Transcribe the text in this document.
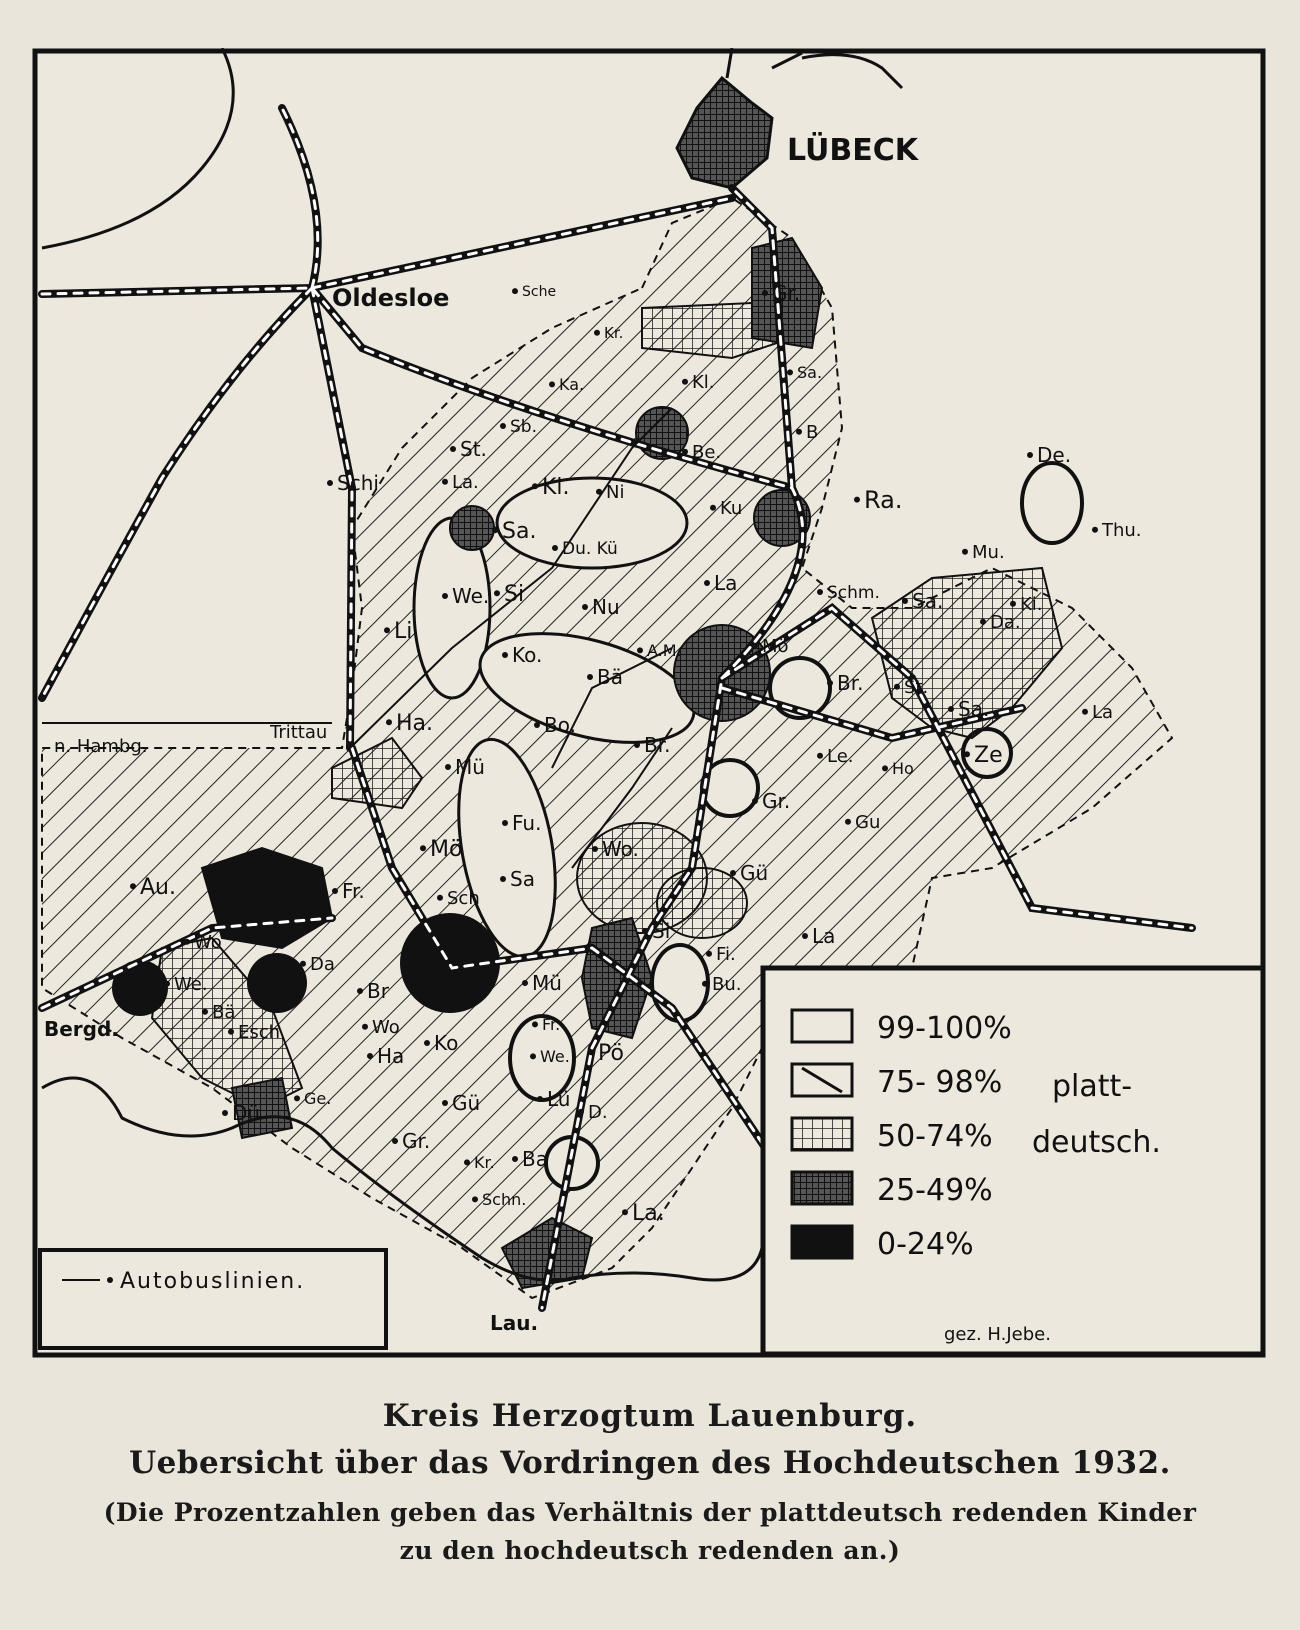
Sche
Kr.
Gr.
Sa.
Kl.
Ka.
Sb.	B
St.
La.	Kl. Ni
Be.
Ku	Ra.
Schi
Sa.
Du. Kü
La
We. Si	Nu
Schm.
Li.
Ko.	A.M.	Mö
Bä	Br.
Ha.	Bo.
Br.	Le.
Ho
Mü
Gr.
Gu
Fu.
Mö	Wo.
Sa	Gü
Sch
Au.	Fr.
Wo
Da
We.	Br
Si
Fi.
Bu.
La
Mü
Bä
Esch	Wo
Ha
Ko
Fr.
We. Pö
Gü	Lü
D.
Dü
Ge.
Gr.
Kr. Ba
Schn.
La.
De.
Thu.
Mu.
Sa.	Ki.
Da.
St.
Sa.
Ze
La
LÜBECK
Oldesloe
Trittau
n. Hambg.
Bergd.
Lau.
Autobuslinien.
99-100%
75- 98%
50-74%
25-49%
0-24%
platt-
deutsch.
gez. H.Jebe.
Kreis Herzogtum Lauenburg.
Uebersicht über das Vordringen des Hochdeutschen 1932.
(Die Prozentzahlen geben das Verhältnis der plattdeutsch redenden Kinder
zu den hochdeutsch redenden an.)
